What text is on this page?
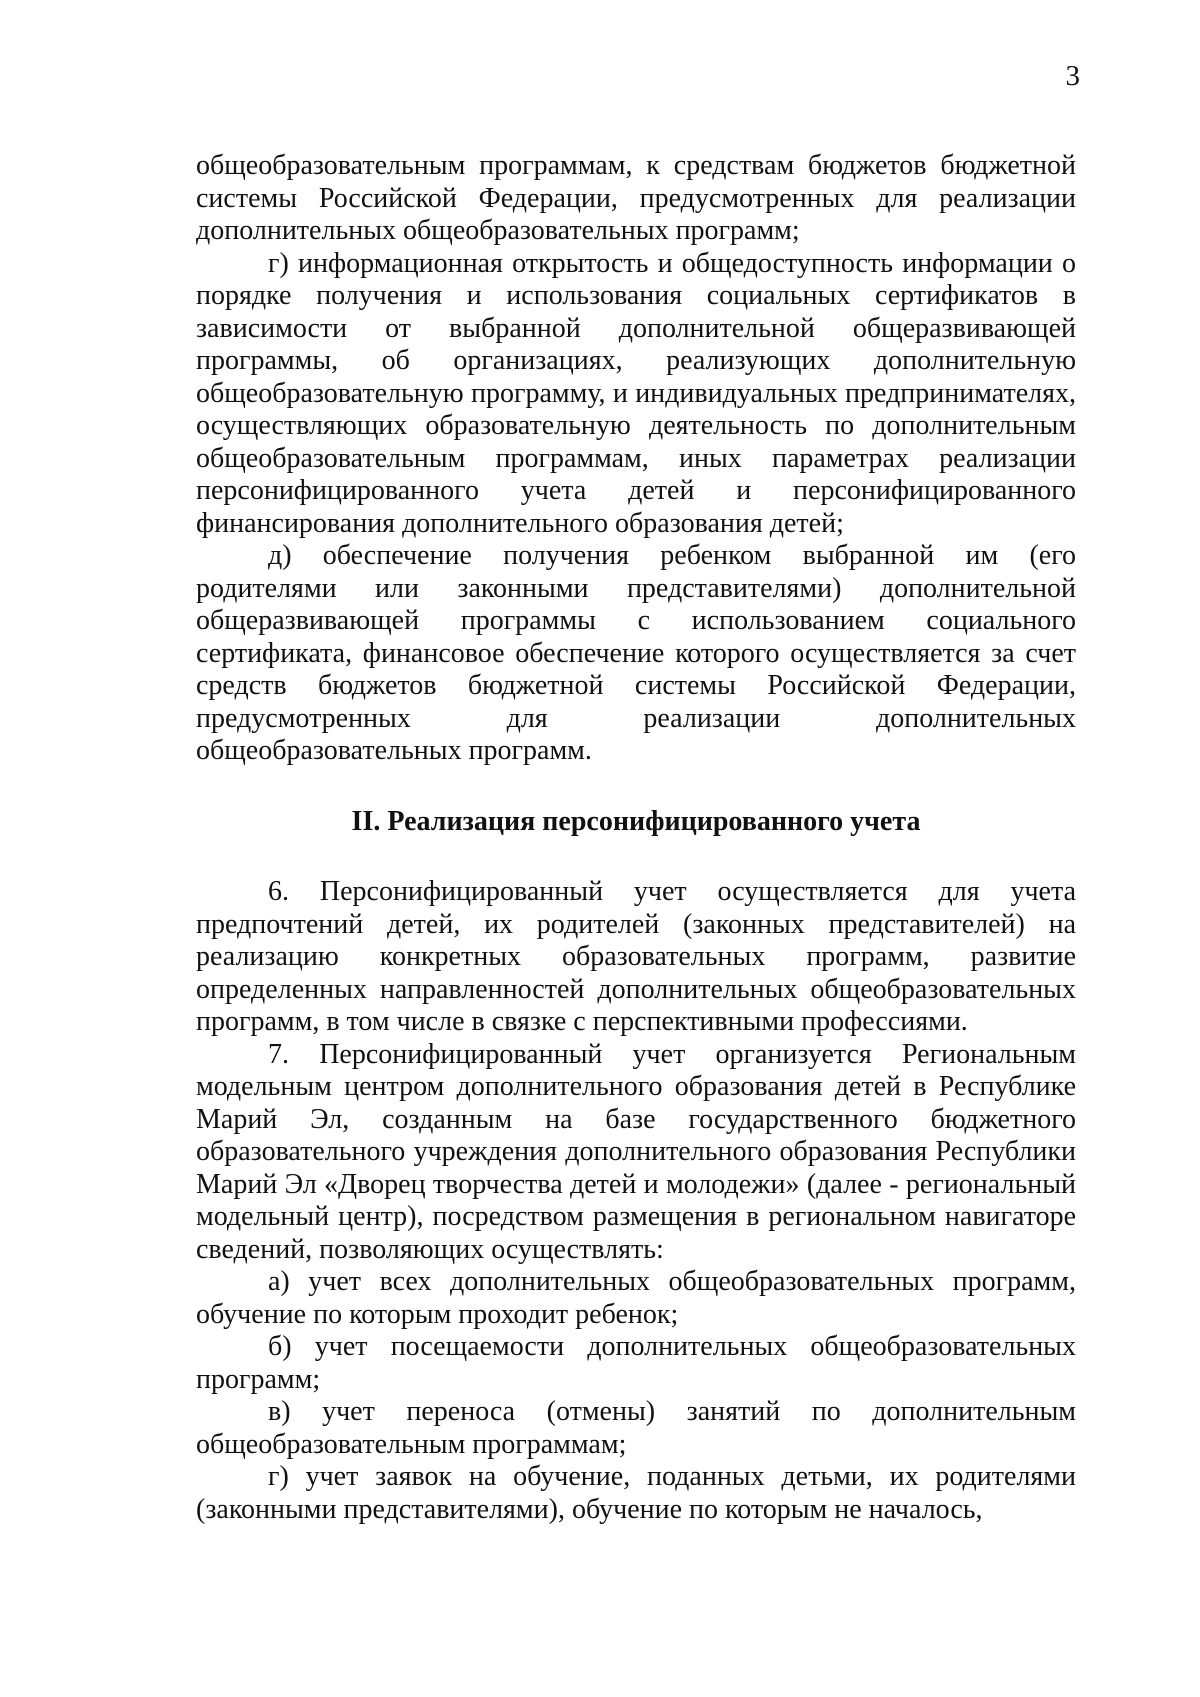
3

общеобразовательным программам, к средствам бюджетов бюджетной системы Российской Федерации, предусмотренных для реализации дополнительных общеобразовательных программ;

г) информационная открытость и общедоступность информации о порядке получения и использования социальных сертификатов в зависимости от выбранной дополнительной общеразвивающей программы, об организациях, реализующих дополнительную общеобразовательную программу, и индивидуальных предпринимателях, осуществляющих образовательную деятельность по дополнительным общеобразовательным программам, иных параметрах реализации персонифицированного учета детей и персонифицированного финансирования дополнительного образования детей;

д) обеспечение получения ребенком выбранной им (его родителями или законными представителями) дополнительной общеразвивающей программы с использованием социального сертификата, финансовое обеспечение которого осуществляется за счет средств бюджетов бюджетной системы Российской Федерации, предусмотренных для реализации дополнительных общеобразовательных программ.

II. Реализация персонифицированного учета

6. Персонифицированный учет осуществляется для учета предпочтений детей, их родителей (законных представителей) на реализацию конкретных образовательных программ, развитие определенных направленностей дополнительных общеобразовательных программ, в том числе в связке с перспективными профессиями.

7. Персонифицированный учет организуется Региональным модельным центром дополнительного образования детей в Республике Марий Эл, созданным на базе государственного бюджетного образовательного учреждения дополнительного образования Республики Марий Эл «Дворец творчества детей и молодежи» (далее - региональный модельный центр), посредством размещения в региональном навигаторе сведений, позволяющих осуществлять:

а) учет всех дополнительных общеобразовательных программ, обучение по которым проходит ребенок;

б) учет посещаемости дополнительных общеобразовательных программ;

в) учет переноса (отмены) занятий по дополнительным общеобразовательным программам;

г) учет заявок на обучение, поданных детьми, их родителями (законными представителями), обучение по которым не началось,
